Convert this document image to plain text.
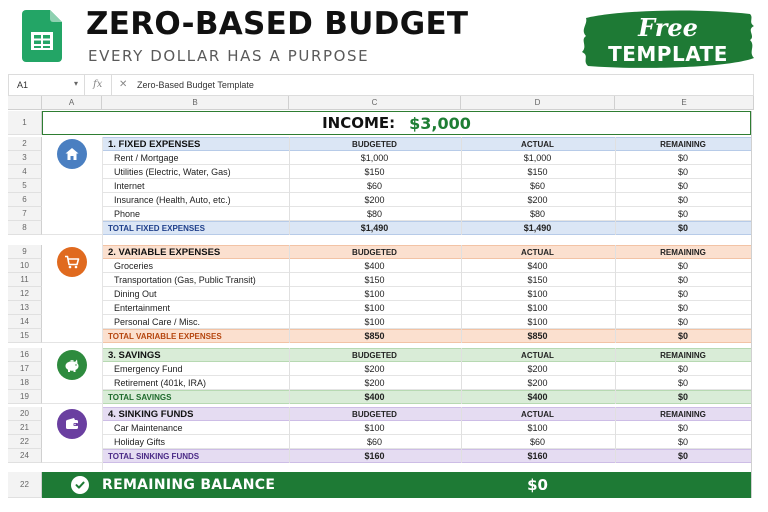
ZERO-BASED BUDGET
EVERY DOLLAR HAS A PURPOSE
Free
TEMPLATE
A1	▾ fx ✕ Zero-Based Budget Template
A	B	C	D	E
2	1. FIXED EXPENSES	BUDGETED	ACTUAL	REMAINING
3	Rent / Mortgage	$1,000	$1,000	$0
4	Utilities (Electric, Water, Gas)	$150	$150	$0
5	Internet	$60	$60	$0
6	Insurance (Health, Auto, etc.)	$200	$200	$0
7	Phone	$80	$80	$0
8	TOTAL FIXED EXPENSES	$1,490	$1,490	$0
9	2. VARIABLE EXPENSES	BUDGETED	ACTUAL	REMAINING
10	Groceries	$400	$400	$0
11	Transportation (Gas, Public Transit)	$150	$150	$0
12	Dining Out	$100	$100	$0
13	Entertainment	$100	$100	$0
14	Personal Care / Misc.	$100	$100	$0
15	TOTAL VARIABLE EXPENSES	$850	$850	$0
16	3. SAVINGS	BUDGETED	ACTUAL	REMAINING
17	Emergency Fund	$200	$200	$0
18	Retirement (401k, IRA)	$200	$200	$0
19	TOTAL SAVINGS	$400	$400	$0
20	4. SINKING FUNDS	BUDGETED	ACTUAL	REMAINING
21	Car Maintenance	$100	$100	$0
22	Holiday Gifts	$60	$60	$0
24	TOTAL SINKING FUNDS	$160	$160	$0
1	INCOME: $3,000
22	REMAINING BALANCE	$0
